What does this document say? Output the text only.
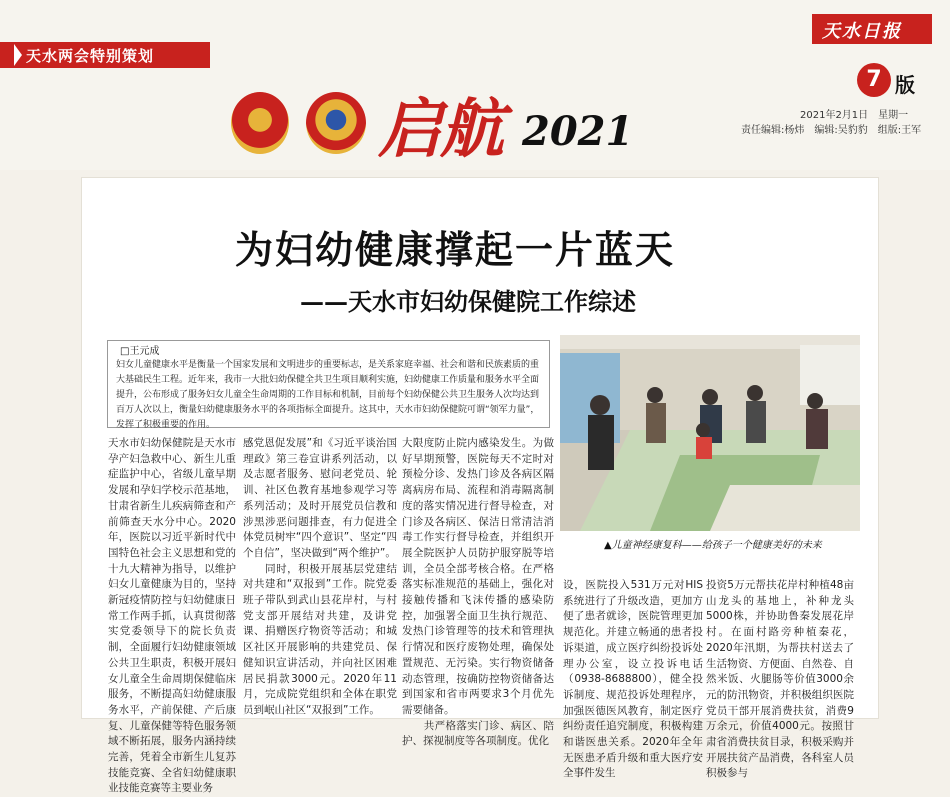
天水两会特别策划
天水日报
7 版
2021年2月1日　星期一
责任编辑:杨炜　编辑:吴豹豹　组版:王军
启航 2021
为妇幼健康撑起一片蓝天
——天水市妇幼保健院工作综述
□王元成
妇女儿童健康水平是衡量一个国家发展和文明进步的重要标志，是关系家庭幸福、社会和谐和民族素质的重大基础民生工程。近年来，我市一大批妇幼保健全共卫生项目顺利实施，妇幼健康工作质量和服务水平全面提升，公布形成了服务妇女儿童全生命周期的工作目标和机制，目前每个妇幼保健公共卫生服务人次均达到百万人次以上，衡量妇幼健康服务水平的各项指标全面提升。这其中，天水市妇幼保健院可谓“领军力量”，发挥了积极重要的作用。
▲儿童神经康复科——给孩子一个健康美好的未来
天水市妇幼保健院是天水市孕产妇急救中心、新生儿重症监护中心，省级儿童早期发展和孕妇学校示范基地，甘肃省新生儿疾病筛查和产前筛查天水分中心。2020年，医院以习近平新时代中国特色社会主义思想和党的十九大精神为指导，以维护妇女儿童健康为目的，坚持新冠疫情防控与妇幼健康日常工作两手抓，认真贯彻落实党委领导下的院长负责制，全面履行妇幼健康领域公共卫生职责，积极开展妇女儿童全生命周期保健临床服务，不断提高妇幼健康服务水平，产前保健、产后康复、儿童保健等特色服务领域不断拓展，服务内涵持续完善，凭着全市新生儿复苏技能竞赛、全省妇幼健康职业技能竞赛等主要业务
感党恩促发展”和《习近平谈治国理政》第三卷宣讲系列活动，以及志愿者服务、慰问老党员、轮训、社区色教育基地参观学习等系列活动；及时开展党员信教和涉黑涉恶问题排查，有力促进全体党员树牢“四个意识”、坚定“四个自信”，坚决做到“两个维护”。
　　同时，积极开展基层党建结对共建和“双报到”工作。院党委班子带队到武山县花岸村，与村党支部开展结对共建，及讲党课、捐赠医疗物资等活动；和城区社区开展影响的共建党员、保健知识宣讲活动，并向社区困难居民捐款3000元。2020年11月，完成院党组织和全体在职党员到岷山社区“双报到”工作。
大限度防止院内感染发生。为做好早期预警，医院每天不定时对预检分诊、发热门诊及各病区隔离病房布局、流程和消毒隔离制度的落实情况进行督导检查，对门诊及各病区、保洁日常清洁消毒工作实行督导检查，并组织开展全院医护人员防护服穿脱等培训，全员全部考核合格。在严格落实标准规范的基础上，强化对接触传播和飞沫传播的感染防控，加强署全面卫生执行规范、发热门诊管理等的技术和管理执行情况和医疗废物处理，确保处置规范、无污染。实行物资储备动态管理，按确防控物资储备达到国家和省市两要求3个月优先需要储备。
　　共严格落实门诊、病区、陪护、探视制度等各项制度。优化
设，医院投入531万元对HIS系统进行了升级改造，更加方便了患者就诊，医院管理更加规范化。并建立畅通的患者投诉渠道，成立医疗纠纷投诉处理办公室，设立投诉电话（0938-8688800），健全投诉制度、规范投诉处理程序，加强医德医风教育，制定医疗纠纷责任追究制度，积极构建和谐医患关系。2020年全年无医患矛盾升级和重大医疗安全事件发生
投资5万元帮扶花岸村种植48亩山龙头的基地上，补种龙头5000株，并协助鲁秦发展花岸村。在面村路旁种植秦花，2020年汛期，为帮扶村送去了生活物资、方便面、自然卷、自然米饭、火腿肠等价值3000余元的防汛物资，并积极组织医院党员干部开展消费扶贫，消费9万余元，价值4000元。按照甘肃省消费扶贫目录，积极采购并开展扶贫产品消费，各科室人员积极参与
